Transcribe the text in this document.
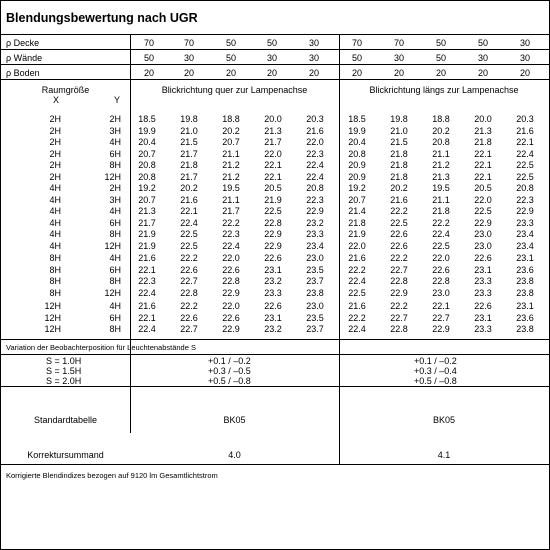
Blendungsbewertung nach UGR
Raumgröße
X	Y
Blickrichtung quer zur Lampenachse	Blickrichtung längs zur Lampenachse
Variation der Beobachterposition für Leuchtenabstände S
Standardtabelle	BK05	BK05
Korrektursummand	4.0	4.1
Korrigierte Blendindizes bezogen auf 9120 lm Gesamtlichtstrom
ρ Decke	70	70	50	50	30	70	70	50	50	30
ρ Wände	50	30	50	30	30	50	30	50	30	30
ρ Boden	20	20	20	20	20	20	20	20	20	20
2H	2H	18.5	19.8	18.8	20.0	20.3	18.5	19.8	18.8	20.0	20.3
2H	3H	19.9	21.0	20.2	21.3	21.6	19.9	21.0	20.2	21.3	21.6
2H	4H	20.4	21.5	20.7	21.7	22.0	20.4	21.5	20.8	21.8	22.1
2H	6H	20.7	21.7	21.1	22.0	22.3	20.8	21.8	21.1	22.1	22.4
2H	8H	20.8	21.8	21.2	22.1	22.4	20.9	21.8	21.2	22.1	22.5
2H	12H	20.8	21.7	21.2	22.1	22.4	20.9	21.8	21.3	22.1	22.5
4H	2H	19.2	20.2	19.5	20.5	20.8	19.2	20.2	19.5	20.5	20.8
4H	3H	20.7	21.6	21.1	21.9	22.3	20.7	21.6	21.1	22.0	22.3
4H	4H	21.3	22.1	21.7	22.5	22.9	21.4	22.2	21.8	22.5	22.9
4H	6H	21.7	22.4	22.2	22.8	23.2	21.8	22.5	22.2	22.9	23.3
4H	8H	21.9	22.5	22.3	22.9	23.3	21.9	22.6	22.4	23.0	23.4
4H	12H	21.9	22.5	22.4	22.9	23.4	22.0	22.6	22.5	23.0	23.4
8H	4H	21.6	22.2	22.0	22.6	23.0	21.6	22.2	22.0	22.6	23.1
8H	6H	22.1	22.6	22.6	23.1	23.5	22.2	22.7	22.6	23.1	23.6
8H	8H	22.3	22.7	22.8	23.2	23.7	22.4	22.8	22.8	23.3	23.8
8H	12H	22.4	22.8	22.9	23.3	23.8	22.5	22.9	23.0	23.3	23.8
12H	4H	21.6	22.2	22.0	22.6	23.0	21.6	22.2	22.1	22.6	23.1
12H	6H	22.1	22.6	22.6	23.1	23.5	22.2	22.7	22.7	23.1	23.6
12H	8H	22.4	22.7	22.9	23.2	23.7	22.4	22.8	22.9	23.3	23.8
S = 1.0H	+0.1 / –0.2	+0.1 / –0.2
S = 1.5H	+0.3 / –0.5	+0.3 / –0.4
S = 2.0H	+0.5 / –0.8	+0.5 / –0.8
